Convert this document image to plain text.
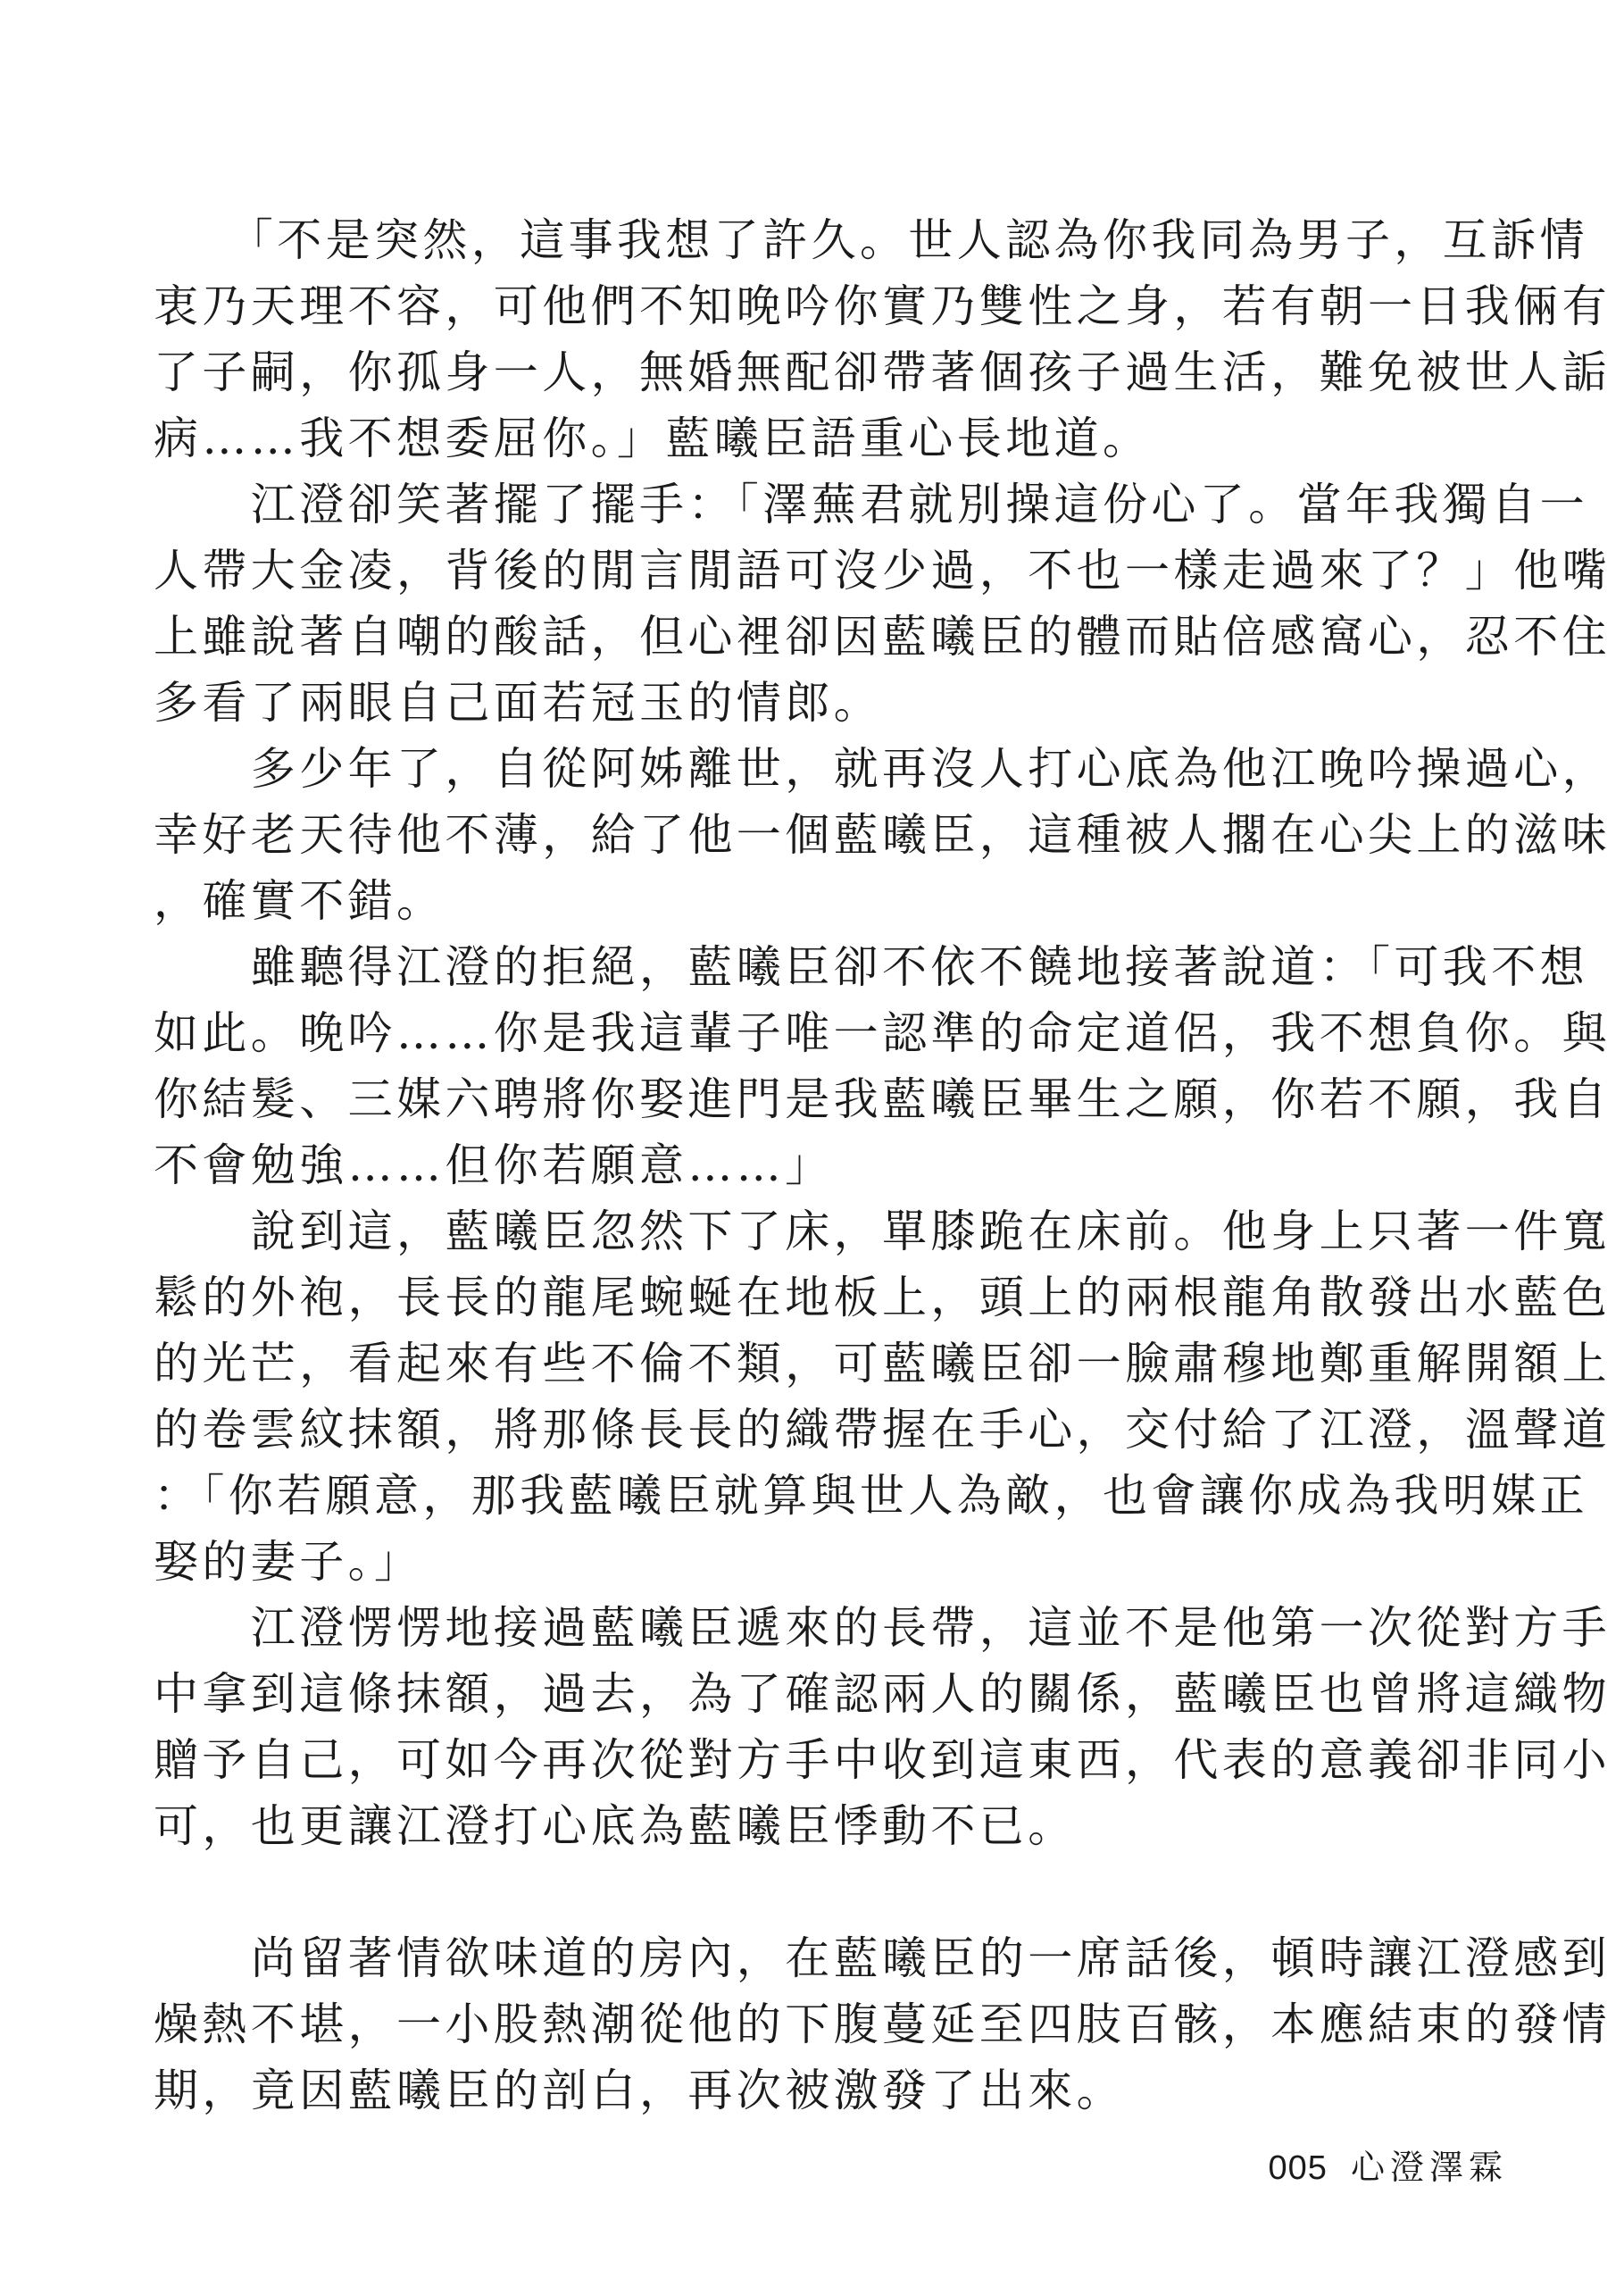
　　「不是突然，這事我想了許久。世人認為你我同為男子，互訴情
衷乃天理不容，可他們不知晚吟你實乃雙性之身，若有朝一日我倆有
了子嗣，你孤身一人，無婚無配卻帶著個孩子過生活，難免被世人詬
病……我不想委屈你。」藍曦臣語重心長地道。
　　江澄卻笑著擺了擺手：「澤蕪君就別操這份心了。當年我獨自一
人帶大金凌，背後的閒言閒語可沒少過，不也一樣走過來了？」他嘴
上雖說著自嘲的酸話，但心裡卻因藍曦臣的體而貼倍感窩心，忍不住
多看了兩眼自己面若冠玉的情郎。
　　多少年了，自從阿姊離世，就再沒人打心底為他江晚吟操過心，
幸好老天待他不薄，給了他一個藍曦臣，這種被人擱在心尖上的滋味
，確實不錯。
　　雖聽得江澄的拒絕，藍曦臣卻不依不饒地接著說道：「可我不想
如此。晚吟……你是我這輩子唯一認準的命定道侶，我不想負你。與
你結髮、三媒六聘將你娶進門是我藍曦臣畢生之願，你若不願，我自
不會勉強……但你若願意……」
　　說到這，藍曦臣忽然下了床，單膝跪在床前。他身上只著一件寬
鬆的外袍，長長的龍尾蜿蜒在地板上，頭上的兩根龍角散發出水藍色
的光芒，看起來有些不倫不類，可藍曦臣卻一臉肅穆地鄭重解開額上
的卷雲紋抹額，將那條長長的織帶握在手心，交付給了江澄，溫聲道
：「你若願意，那我藍曦臣就算與世人為敵，也會讓你成為我明媒正
娶的妻子。」
　　江澄愣愣地接過藍曦臣遞來的長帶，這並不是他第一次從對方手
中拿到這條抹額，過去，為了確認兩人的關係，藍曦臣也曾將這織物
贈予自己，可如今再次從對方手中收到這東西，代表的意義卻非同小
可，也更讓江澄打心底為藍曦臣悸動不已。
　　尚留著情欲味道的房內，在藍曦臣的一席話後，頓時讓江澄感到
燥熱不堪，一小股熱潮從他的下腹蔓延至四肢百骸，本應結束的發情
期，竟因藍曦臣的剖白，再次被激發了出來。
005 心澄澤霖
